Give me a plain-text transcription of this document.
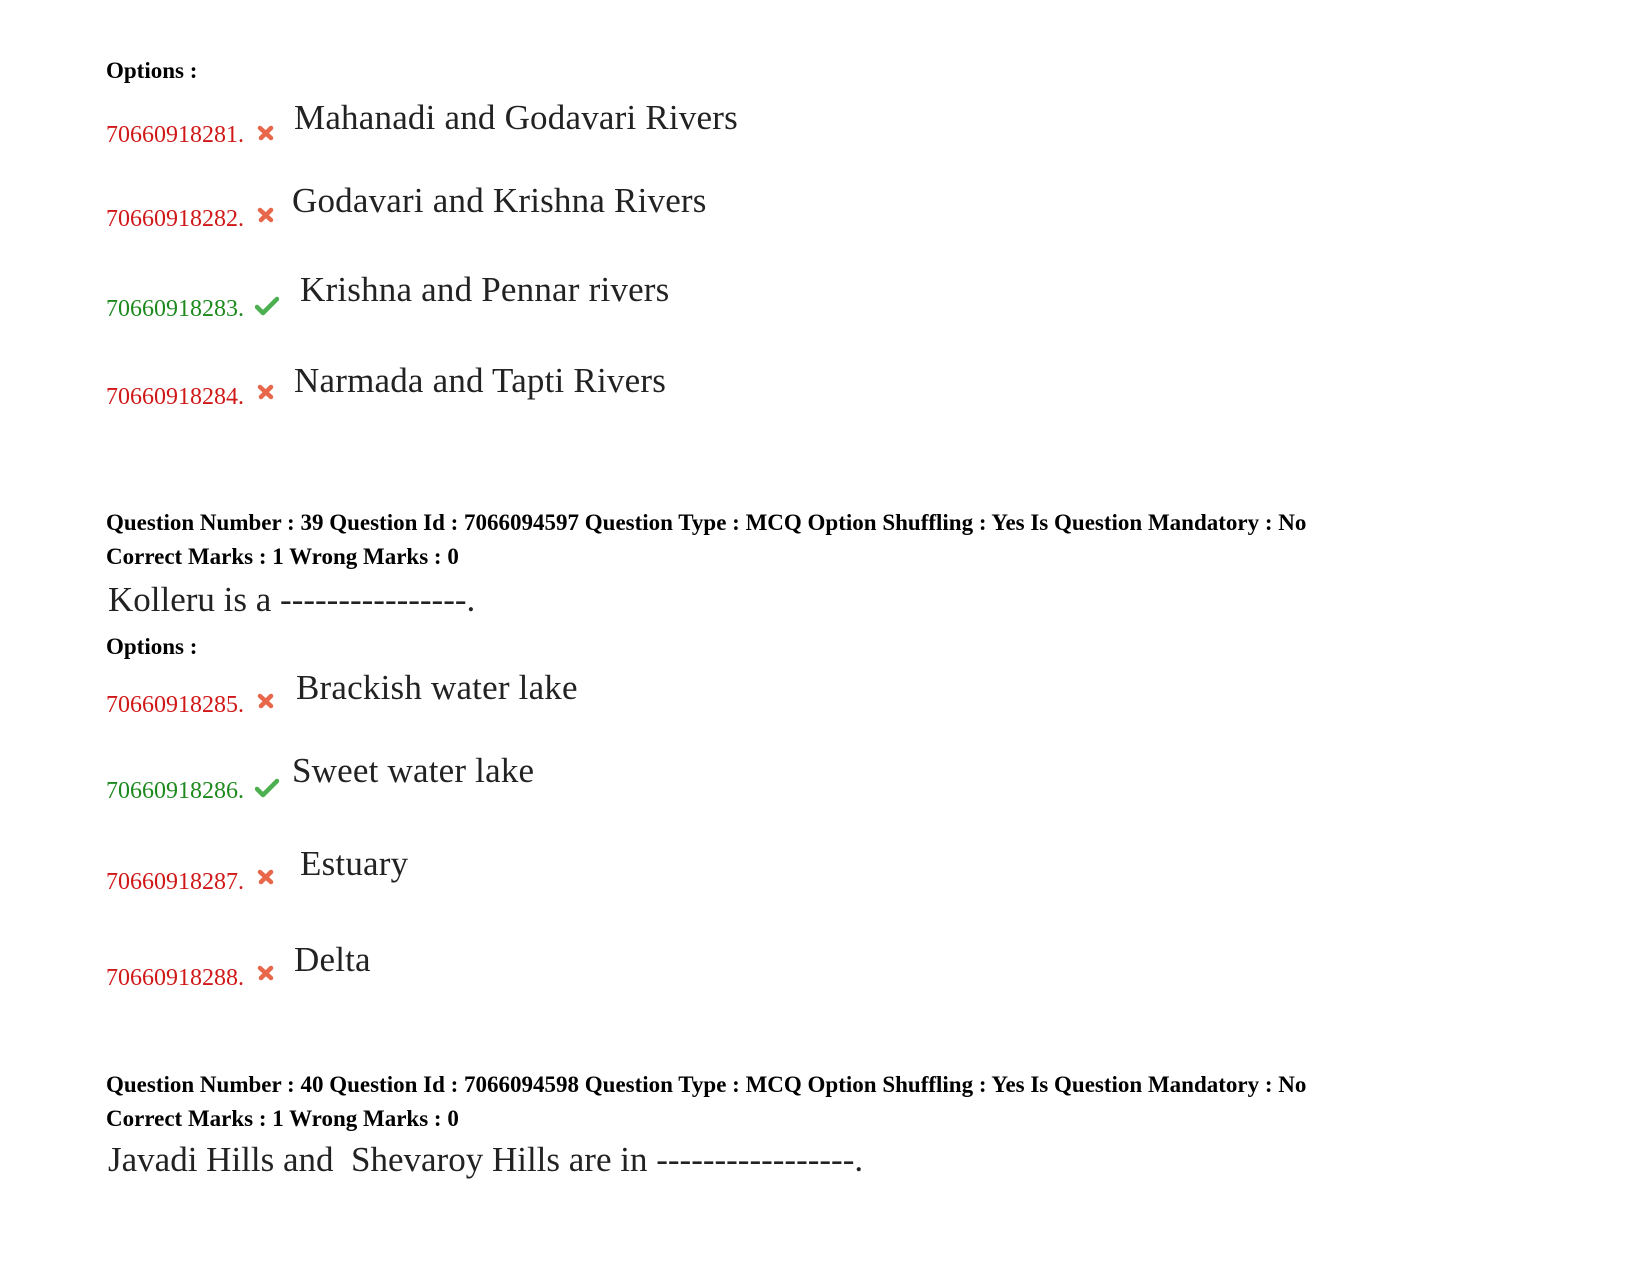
Options :
70660918281. Mahanadi and Godavari Rivers
70660918282. Godavari and Krishna Rivers
70660918283. Krishna and Pennar rivers
70660918284. Narmada and Tapti Rivers
Question Number : 39 Question Id : 7066094597 Question Type : MCQ Option Shuffling : Yes Is Question Mandatory : No
Correct Marks : 1 Wrong Marks : 0
Kolleru is a ----------------.
Options :
70660918285. Brackish water lake
70660918286.
Sweet water lake
70660918287. Estuary
70660918288. Delta
Question Number : 40 Question Id : 7066094598 Question Type : MCQ Option Shuffling : Yes Is Question Mandatory : No
Correct Marks : 1 Wrong Marks : 0
Javadi Hills and  Shevaroy Hills are in -----------------.
